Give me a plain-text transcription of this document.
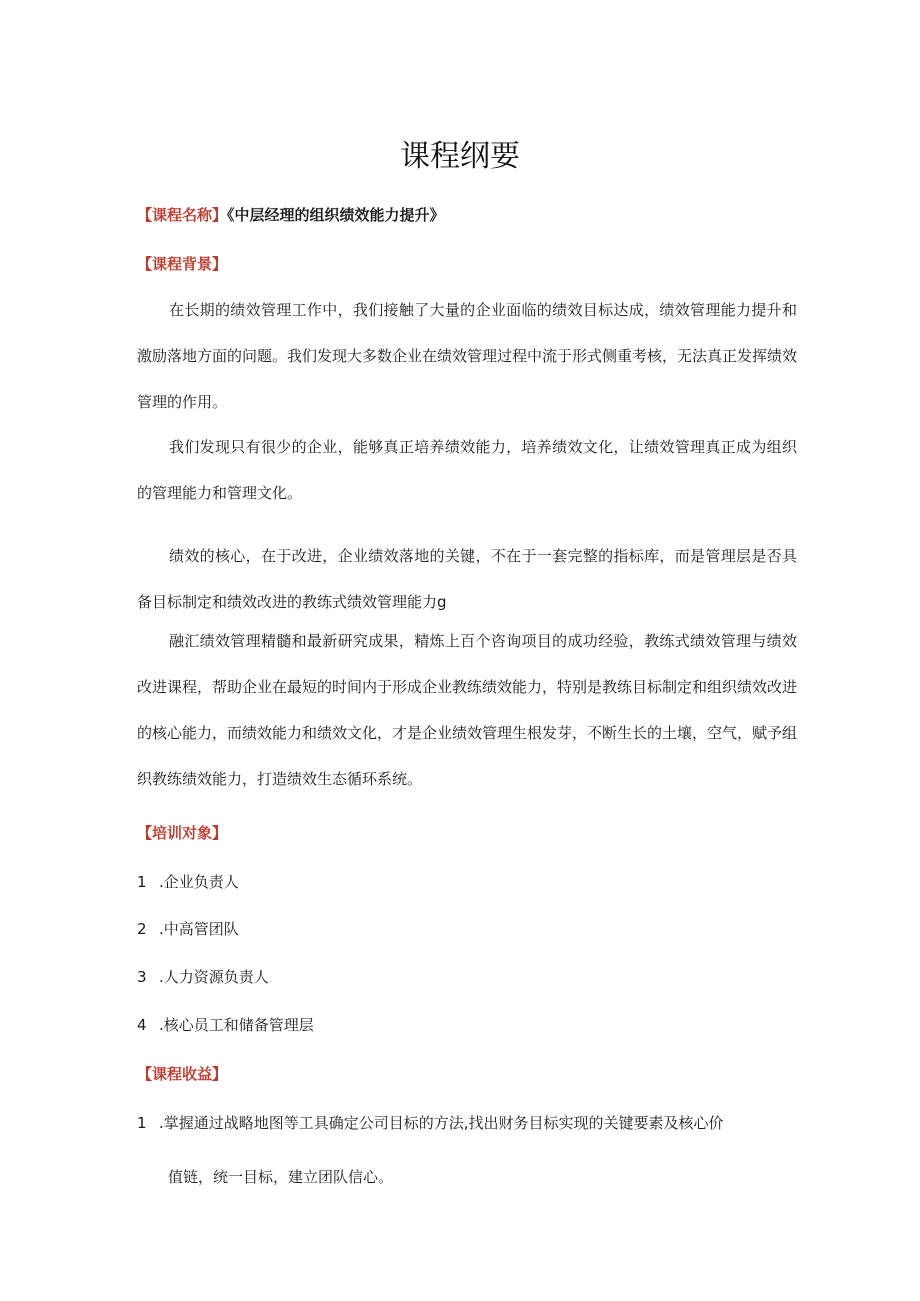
课程纲要

【课程名称】《中层经理的组织绩效能力提升》

【课程背景】

在长期的绩效管理工作中，我们接触了大量的企业面临的绩效目标达成，绩效管理能力提升和激励落地方面的问题。我们发现大多数企业在绩效管理过程中流于形式侧重考核，无法真正发挥绩效管理的作用。

我们发现只有很少的企业，能够真正培养绩效能力，培养绩效文化，让绩效管理真正成为组织的管理能力和管理文化。

绩效的核心，在于改进，企业绩效落地的关键，不在于一套完整的指标库，而是管理层是否具备目标制定和绩效改进的教练式绩效管理能力g

融汇绩效管理精髓和最新研究成果，精炼上百个咨询项目的成功经验，教练式绩效管理与绩效改进课程，帮助企业在最短的时间内于形成企业教练绩效能力，特别是教练目标制定和组织绩效改进的核心能力，而绩效能力和绩效文化，才是企业绩效管理生根发芽，不断生长的土壤，空气，赋予组织教练绩效能力，打造绩效生态循环系统。

【培训对象】

1 .企业负责人

2 .中高管团队

3 .人力资源负责人

4 .核心员工和储备管理层

【课程收益】

1 .掌握通过战略地图等工具确定公司目标的方法,找出财务目标实现的关键要素及核心价

值链，统一目标，建立团队信心。
